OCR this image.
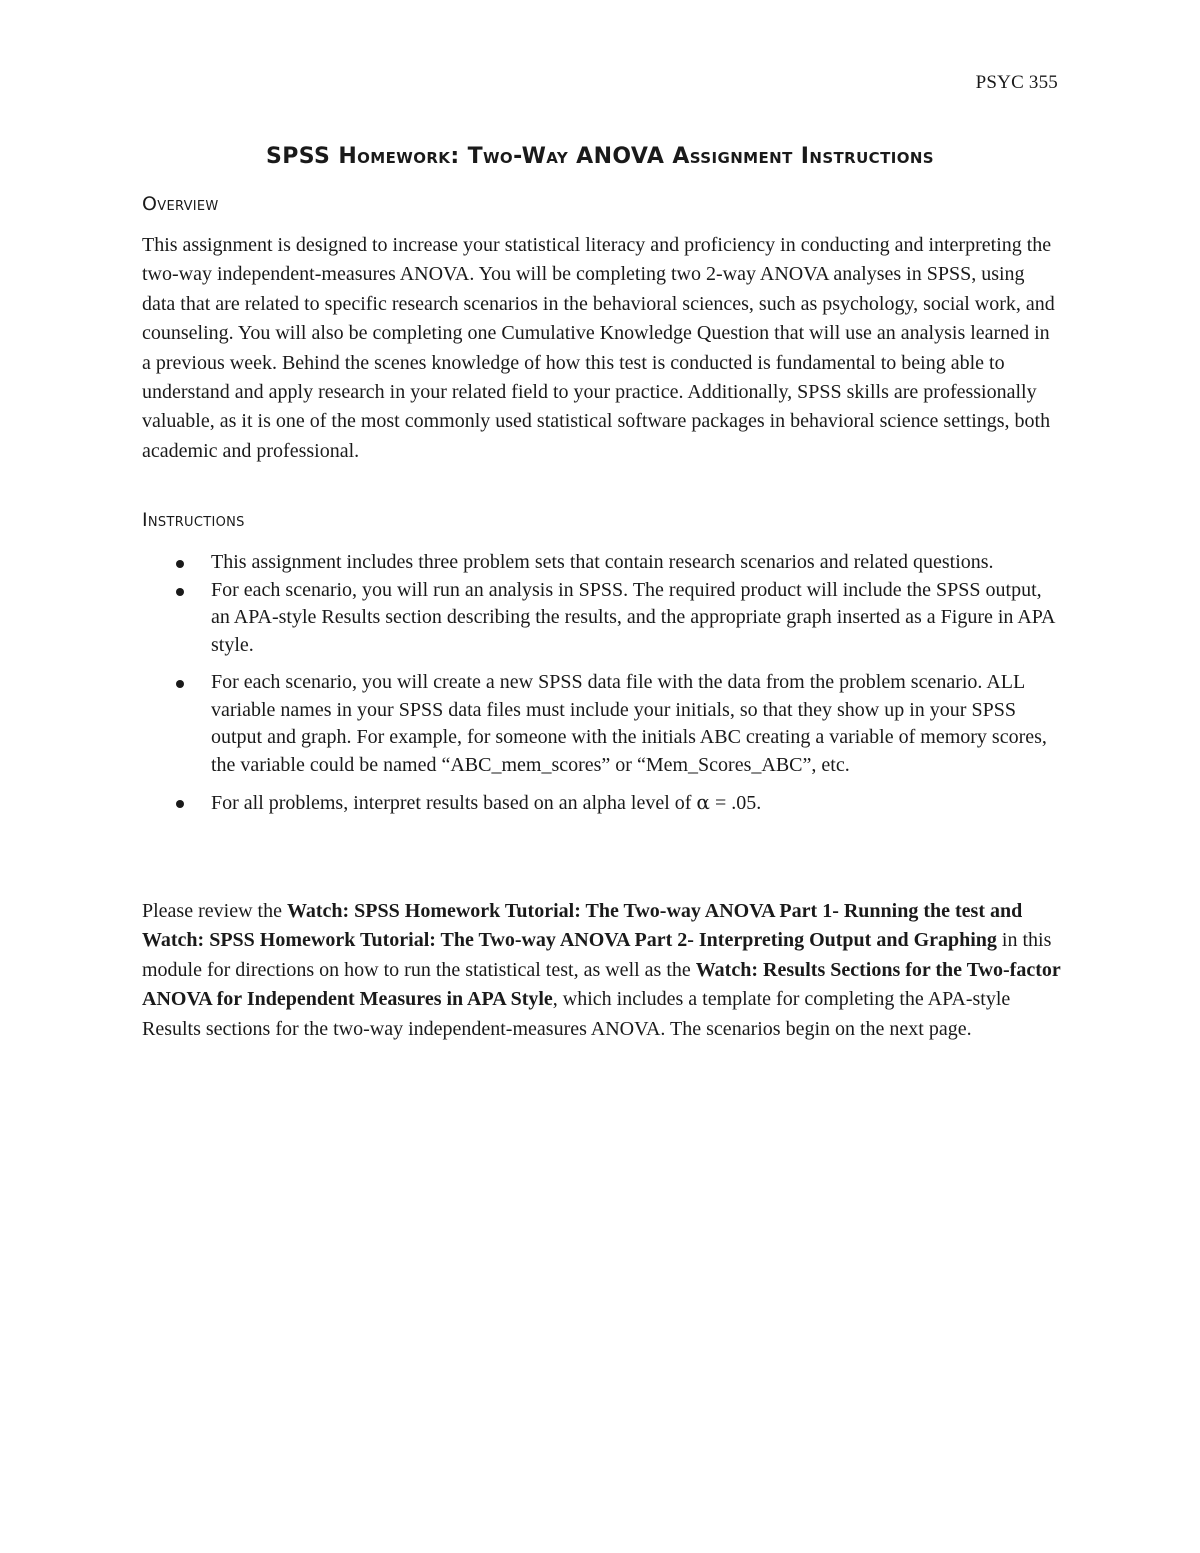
PSYC 355
SPSS Homework: Two-Way ANOVA Assignment Instructions
Overview

This assignment is designed to increase your statistical literacy and proficiency in conducting and interpreting the two-way independent-measures ANOVA. You will be completing two 2-way ANOVA analyses in SPSS, using data that are related to specific research scenarios in the behavioral sciences, such as psychology, social work, and counseling. You will also be completing one Cumulative Knowledge Question that will use an analysis learned in a previous week. Behind the scenes knowledge of how this test is conducted is fundamental to being able to understand and apply research in your related field to your practice. Additionally, SPSS skills are professionally valuable, as it is one of the most commonly used statistical software packages in behavioral science settings, both academic and professional.

Instructions
This assignment includes three problem sets that contain research scenarios and related questions.
For each scenario, you will run an analysis in SPSS. The required product will include the SPSS output, an APA-style Results section describing the results, and the appropriate graph inserted as a Figure in APA style.
For each scenario, you will create a new SPSS data file with the data from the problem scenario. ALL variable names in your SPSS data files must include your initials, so that they show up in your SPSS output and graph. For example, for someone with the initials ABC creating a variable of memory scores, the variable could be named “ABC_mem_scores” or “Mem_Scores_ABC”, etc.
For all problems, interpret results based on an alpha level of α = .05.

Please review the Watch: SPSS Homework Tutorial: The Two-way ANOVA Part 1- Running the test and Watch: SPSS Homework Tutorial: The Two-way ANOVA Part 2- Interpreting Output and Graphing in this module for directions on how to run the statistical test, as well as the Watch: Results Sections for the Two-factor ANOVA for Independent Measures in APA Style, which includes a template for completing the APA-style Results sections for the two-way independent-measures ANOVA. The scenarios begin on the next page.
